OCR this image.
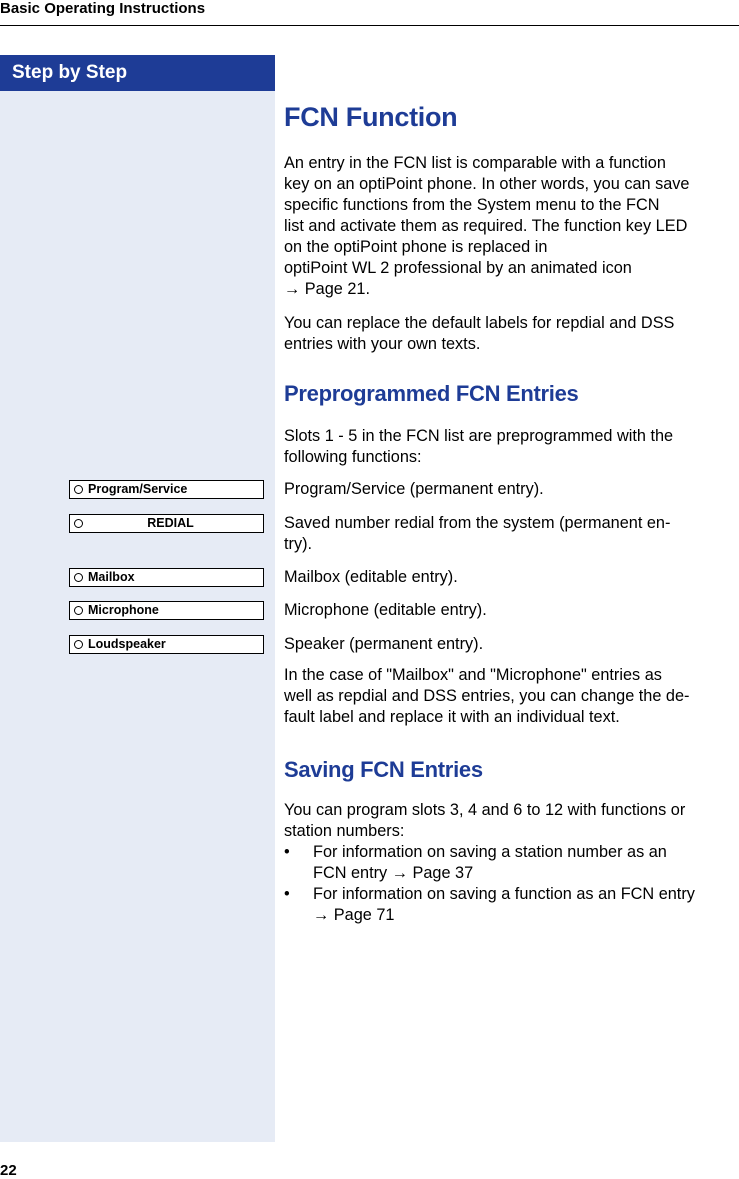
Basic Operating Instructions
Step by Step
Program/Service
REDIAL
Mailbox
Microphone
Loudspeaker
FCN Function
An entry in the FCN list is comparable with a function
key on an optiPoint phone. In other words, you can save
specific functions from the System menu to the FCN
list and activate them as required. The function key LED
on the optiPoint phone is replaced in
optiPoint WL 2 professional by an animated icon
→ Page 21.
You can replace the default labels for repdial and DSS
entries with your own texts.
Preprogrammed FCN Entries
Slots 1 - 5 in the FCN list are preprogrammed with the
following functions:
Program/Service (permanent entry).
Saved number redial from the system (permanent en-
try).
Mailbox (editable entry).
Microphone (editable entry).
Speaker (permanent entry).
In the case of "Mailbox" and "Microphone" entries as
well as repdial and DSS entries, you can change the de-
fault label and replace it with an individual text.
Saving FCN Entries
You can program slots 3, 4 and 6 to 12 with functions or
station numbers:
• For information on saving a station number as an
FCN entry → Page 37
• For information on saving a function as an FCN entry
→ Page 71
22
